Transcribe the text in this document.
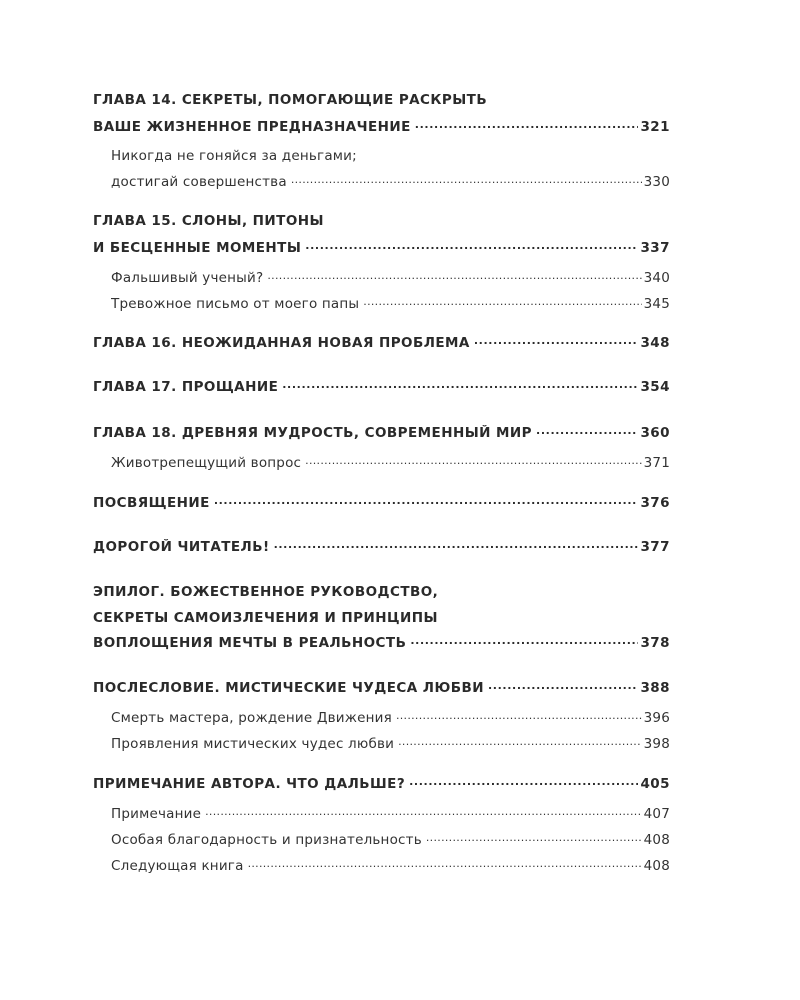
ГЛАВА 14. СЕКРЕТЫ, ПОМОГАЮЩИЕ РАСКРЫТЬ
ВАШЕ ЖИЗНЕННОЕ ПРЕДНАЗНАЧЕНИЕ . . .	321
Никогда не гоняйся за деньгами;
достигай совершенства . . .	330
ГЛАВА 15. СЛОНЫ, ПИТОНЫ
И БЕСЦЕННЫЕ МОМЕНТЫ . . .	337
Фальшивый ученый? . . .	340
Тревожное письмо от моего папы . . .	345
ГЛАВА 16. НЕОЖИДАННАЯ НОВАЯ ПРОБЛЕМА . . .	348
ГЛАВА 17. ПРОЩАНИЕ . . .	354
ГЛАВА 18. ДРЕВНЯЯ МУДРОСТЬ, СОВРЕМЕННЫЙ МИР . . .	360
Животрепещущий вопрос . . .	371
ПОСВЯЩЕНИЕ . . .	376
ДОРОГОЙ ЧИТАТЕЛЬ! . . .	377
ЭПИЛОГ. БОЖЕСТВЕННОЕ РУКОВОДСТВО,
СЕКРЕТЫ САМОИЗЛЕЧЕНИЯ И ПРИНЦИПЫ
ВОПЛОЩЕНИЯ МЕЧТЫ В РЕАЛЬНОСТЬ . . .	378
ПОСЛЕСЛОВИЕ. МИСТИЧЕСКИЕ ЧУДЕСА ЛЮБВИ . . .	388
Смерть мастера, рождение Движения . . .	396
Проявления мистических чудес любви . . .	398
ПРИМЕЧАНИЕ АВТОРА. ЧТО ДАЛЬШЕ? . . .	405
Примечание . . .	407
Особая благодарность и признательность . . .	408
Следующая книга . . .	408
